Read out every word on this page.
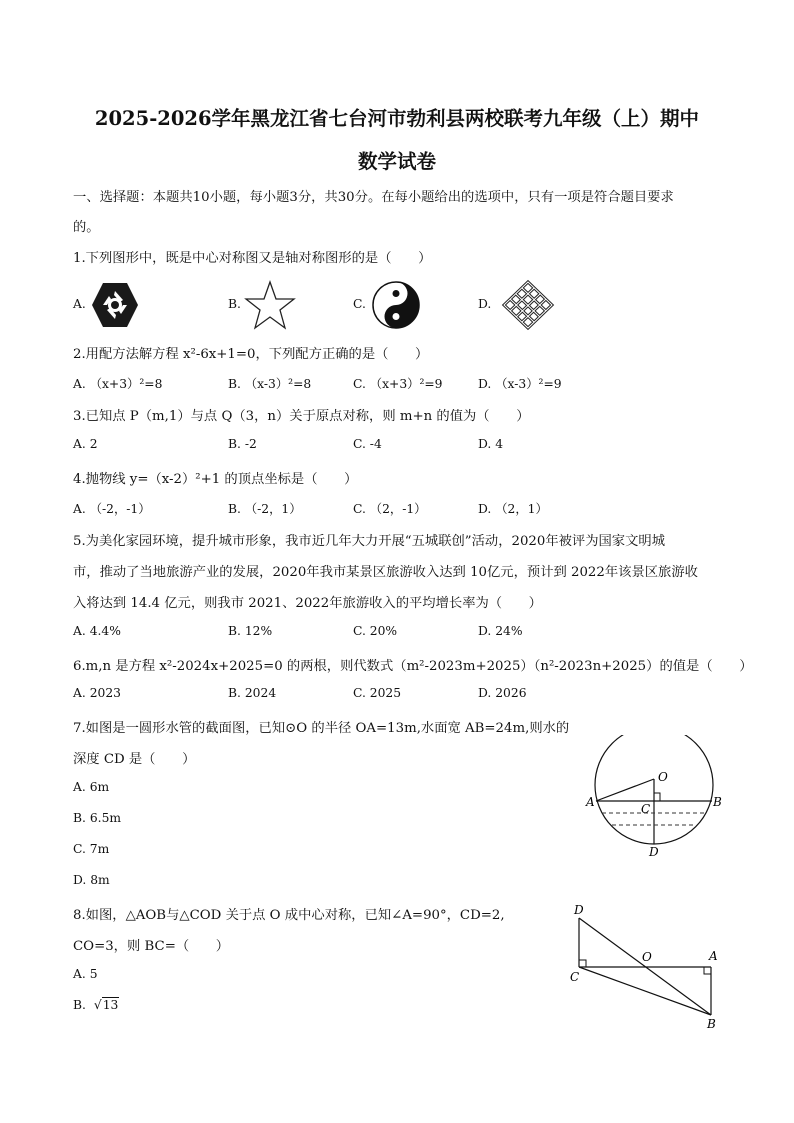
2025-2026学年黑龙江省七台河市勃利县两校联考九年级（上）期中
数学试卷
一、选择题：本题共10小题，每小题3分，共30分。在每小题给出的选项中，只有一项是符合题目要求
的。
1.下列图形中，既是中心对称图又是轴对称图形的是（　　）
A.	B.	C.	D.
2.用配方法解方程 x²-6x+1=0，下列配方正确的是（　　）
A. （x+3）²=8	B. （x-3）²=8	C. （x+3）²=9	D. （x-3）²=9
3.已知点 P（m,1）与点 Q（3，n）关于原点对称，则 m+n 的值为（　　）
A. 2	B. -2	C. -4	D. 4
4.抛物线 y=（x-2）²+1 的顶点坐标是（　　）
A. （-2，-1）	B. （-2，1）	C. （2，-1）	D. （2，1）
5.为美化家园环境，提升城市形象，我市近几年大力开展“五城联创”活动，2020年被评为国家文明城
市，推动了当地旅游产业的发展，2020年我市某景区旅游收入达到 10亿元，预计到 2022年该景区旅游收
入将达到 14.4 亿元，则我市 2021、2022年旅游收入的平均增长率为（　　）
A. 4.4%	B. 12%	C. 20%	D. 24%
6.m,n 是方程 x²-2024x+2025=0 的两根，则代数式（m²-2023m+2025）（n²-2023n+2025）的值是（　　）
A. 2023	B. 2024	C. 2025	D. 2026
7.如图是一圆形水管的截面图，已知⊙O 的半径 OA=13m,水面宽 AB=24m,则水的
深度 CD 是（　　）
A. 6m
B. 6.5m
C. 7m
D. 8m
O
A	B
C
D
8.如图，△AOB与△COD 关于点 O 成中心对称，已知∠A=90°，CD=2,
CO=3，则 BC=（　　）
A. 5
B. √13
D
O	A
C
B
